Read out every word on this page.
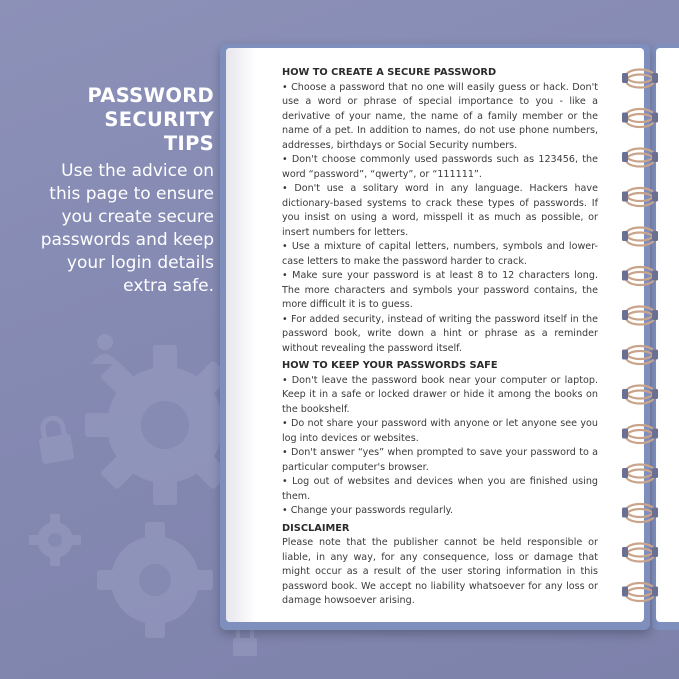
PASSWORD
SECURITY
TIPS
Use the advice on
this page to ensure
you create secure
passwords and keep
your login details
extra safe.

HOW TO CREATE A SECURE PASSWORD

• Choose a password that no one will easily guess or hack. Don't use a word or phrase of special importance to you - like a derivative of your name, the name of a family member or the name of a pet. In addition to names, do not use phone numbers, addresses, birthdays or Social Security numbers.

• Don't choose commonly used passwords such as 123456, the word “password”, “qwerty”, or “111111”.

• Don't use a solitary word in any language. Hackers have dictionary-based systems to crack these types of passwords. If you insist on using a word, misspell it as much as possible, or insert numbers for letters.

• Use a mixture of capital letters, numbers, symbols and lower-case letters to make the password harder to crack.

• Make sure your password is at least 8 to 12 characters long. The more characters and symbols your password contains, the more difficult it is to guess.

• For added security, instead of writing the password itself in the password book, write down a hint or phrase as a reminder without revealing the password itself.

HOW TO KEEP YOUR PASSWORDS SAFE

• Don't leave the password book near your computer or laptop. Keep it in a safe or locked drawer or hide it among the books on the bookshelf.

• Do not share your password with anyone or let anyone see you log into devices or websites.

• Don't answer “yes” when prompted to save your password to a particular computer's browser.

• Log out of websites and devices when you are finished using them.

• Change your passwords regularly.

DISCLAIMER

Please note that the publisher cannot be held responsible or liable, in any way, for any consequence, loss or damage that might occur as a result of the user storing information in this password book. We accept no liability whatsoever for any loss or damage howsoever arising.
